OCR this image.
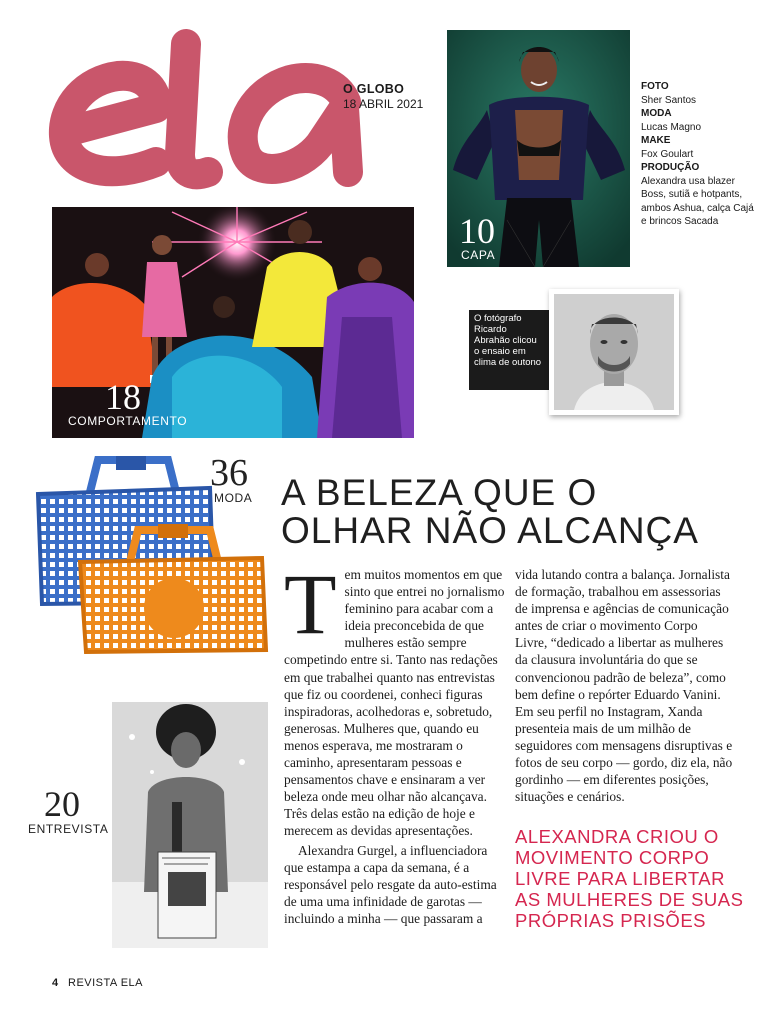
O GLOBO
18 ABRIL 2021
10
CAPA
FOTO
Sher Santos
MODA
Lucas Magno
MAKE
Fox Goulart
PRODUÇÃO
Alexandra usa blazer Boss, sutiã e hotpants, ambos Ashua, calça Cajá e brincos Sacada
18
COMPORTAMENTO
O fotógrafo Ricardo Abrahão clicou o ensaio em clima de outono
36
MODA A BELEZA QUE O OLHAR NÃO ALCANÇA

Tem muitos momentos em que sinto que entrei no jornalismo feminino para acabar com a ideia preconcebida de que mulheres estão sempre competindo entre si. Tanto nas redações em que trabalhei quanto nas entrevistas que fiz ou coordenei, conheci figuras inspiradoras, acolhedoras e, sobretudo, generosas. Mulheres que, quando eu menos esperava, me mostraram o caminho, apresentaram pessoas e pensamentos chave e ensinaram a ver beleza onde meu olhar não alcançava. Três delas estão na edição de hoje e merecem as devidas apresentações.

Alexandra Gurgel, a influenciadora que estampa a capa da semana, é a responsável pelo resgate da auto-estima de uma uma infinidade de garotas — incluindo a minha — que passaram a

vida lutando contra a balança. Jornalista de formação, trabalhou em assessorias de imprensa e agências de comunicação antes de criar o movimento Corpo Livre, “dedicado a libertar as mulheres da clausura involuntária do que se convencionou padrão de beleza”, como bem define o repórter Eduardo Vanini. Em seu perfil no Instagram, Xanda presenteia mais de um milhão de seguidores com mensagens disruptivas e fotos de seu corpo — gordo, diz ela, não gordinho — em diferentes posições, situações e cenários.

ALEXANDRA CRIOU O MOVIMENTO CORPO LIVRE PARA LIBERTAR AS MULHERES DE SUAS PRÓPRIAS PRISÕES
20
ENTREVISTA
4 REVISTA ELA
